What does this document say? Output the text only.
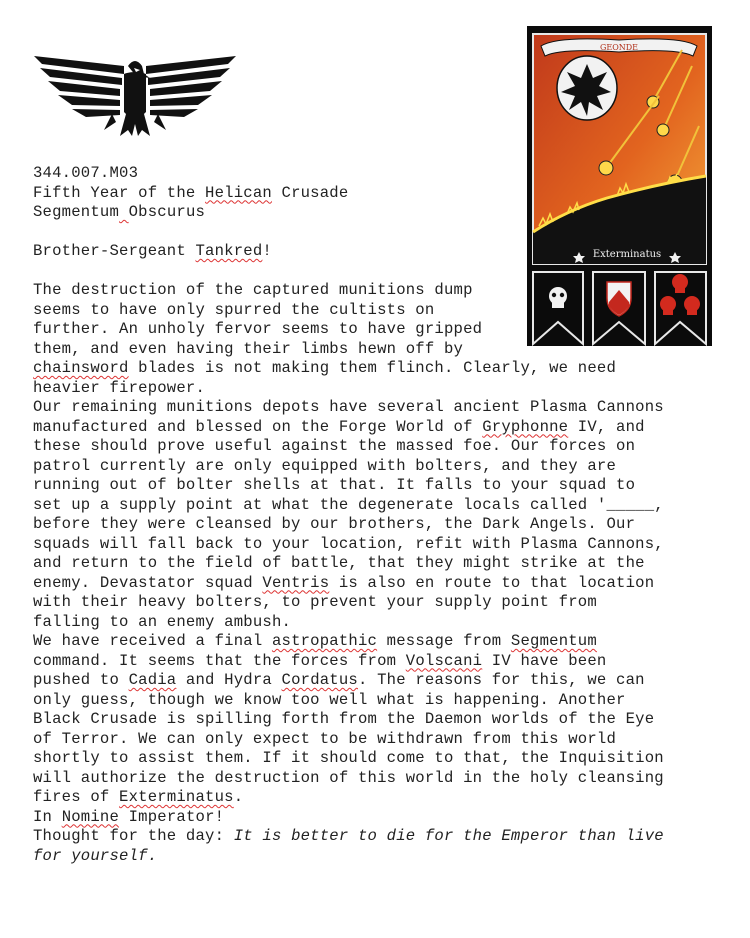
GEONDE
Exterminatus
344.007.M03
Fifth Year of the Helican Crusade
Segmentum Obscurus
Brother-Sergeant Tankred!
The destruction of the captured munitions dump
seems to have only spurred the cultists on
further. An unholy fervor seems to have gripped
them, and even having their limbs hewn off by
chainsword blades is not making them flinch. Clearly, we need
heavier firepower.
Our remaining munitions depots have several ancient Plasma Cannons
manufactured and blessed on the Forge World of Gryphonne IV, and
these should prove useful against the massed foe. Our forces on
patrol currently are only equipped with bolters, and they are
running out of bolter shells at that. It falls to your squad to
set up a supply point at what the degenerate locals called '_____,
before they were cleansed by our brothers, the Dark Angels. Our
squads will fall back to your location, refit with Plasma Cannons,
and return to the field of battle, that they might strike at the
enemy. Devastator squad Ventris is also en route to that location
with their heavy bolters, to prevent your supply point from
falling to an enemy ambush.
We have received a final astropathic message from Segmentum
command. It seems that the forces from Volscani IV have been
pushed to Cadia and Hydra Cordatus. The reasons for this, we can
only guess, though we know too well what is happening. Another
Black Crusade is spilling forth from the Daemon worlds of the Eye
of Terror. We can only expect to be withdrawn from this world
shortly to assist them. If it should come to that, the Inquisition
will authorize the destruction of this world in the holy cleansing
fires of Exterminatus.
In Nomine Imperator!
Thought for the day: It is better to die for the Emperor than live
for yourself.
